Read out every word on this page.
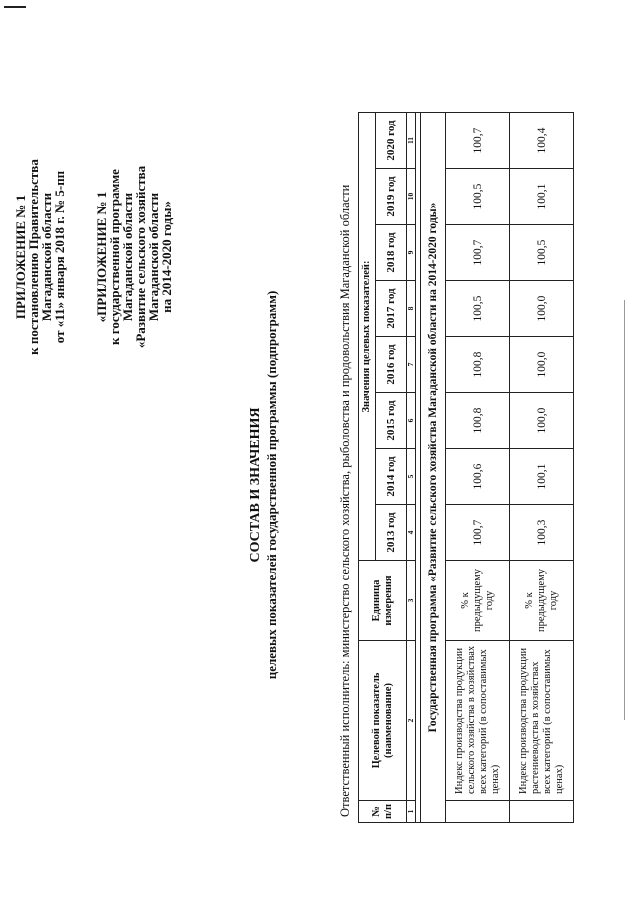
ПРИЛОЖЕНИЕ № 1
к постановлению Правительства
Магаданской области
от «11» января 2018 г. № 5-пп «ПРИЛОЖЕНИЕ № 1
к государственной программе
Магаданской области
«Развитие сельского хозяйства
Магаданской области
на 2014-2020 годы»
СОСТАВ И ЗНАЧЕНИЯ целевых показателей государственной программы (подпрограмм)	Ответственный исполнитель: министерство сельского хозяйства, рыболовства и продовольствия Магаданской области № п/п	Целевой показатель (наименование)	Единица измерения	Значения целевых показателей:							
			2013 год	2014 год	2015 год	2016 год	2017 год	2018 год	2019 год	2020 год
1	2	3	4	5	6	7	8	9	10	11

Государственная программа «Развитие сельского хозяйства Магаданской области на 2014-2020 годы»										
	Индекс производства продукции сельского хозяйства в хозяйствах всех категорий (в сопоставимых ценах)	% к предыдущему году	100,7	100,6	100,8	100,8	100,5	100,7	100,5	100,7
	Индекс производства продукции растениеводства в хозяйствах всех категорий (в сопоставимых ценах)	% к предыдущему году	100,3	100,1	100,0	100,0	100,0	100,5	100,1	100,4
